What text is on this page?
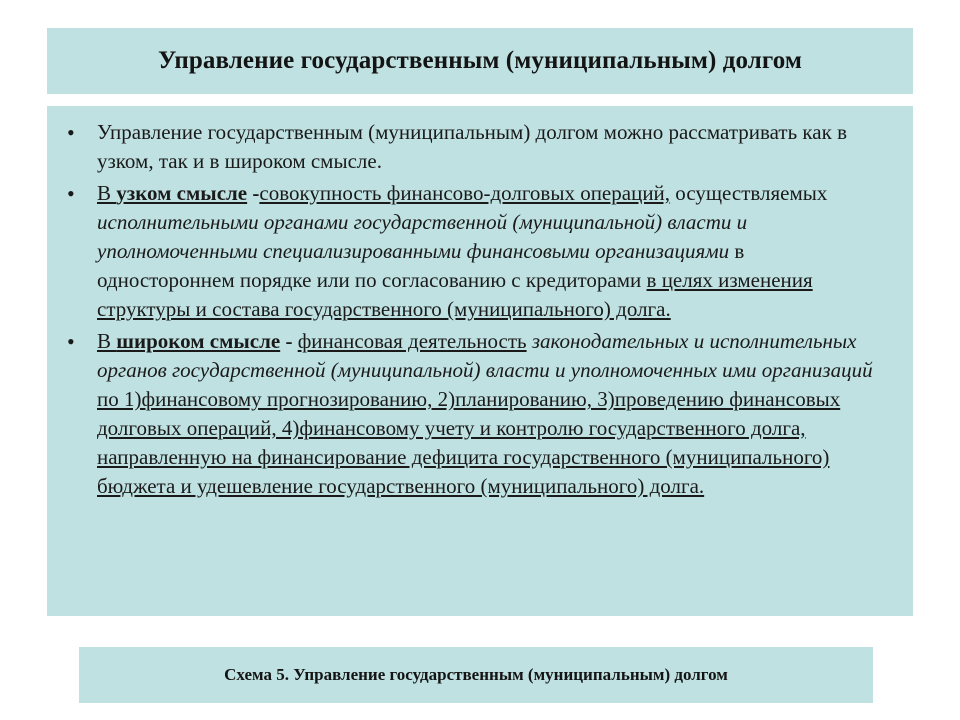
Управление государственным (муниципальным) долгом
•	Управление государственным (муниципальным) долгом можно рассматривать как в узком, так и в широком смысле.
•	В узком смысле -совокупность финансово-долговых операций, осуществляемых исполнительными органами государственной (муниципальной) власти и уполномоченными специализированными финансовыми организациями в одностороннем порядке или по согласованию с кредиторами в целях изменения структуры и состава государственного (муниципального) долга.
•	В широком смысле - финансовая деятельность законодательных и исполнительных органов государственной (муниципальной) власти и уполномоченных ими организаций по 1)финансовому прогнозированию, 2)планированию, 3)проведению финансовых долговых операций, 4)финансовому учету и контролю государственного долга, направленную на финансирование дефицита государственного (муниципального) бюджета и удешевление государственного (муниципального) долга.
Схема 5. Управление государственным (муниципальным) долгом
